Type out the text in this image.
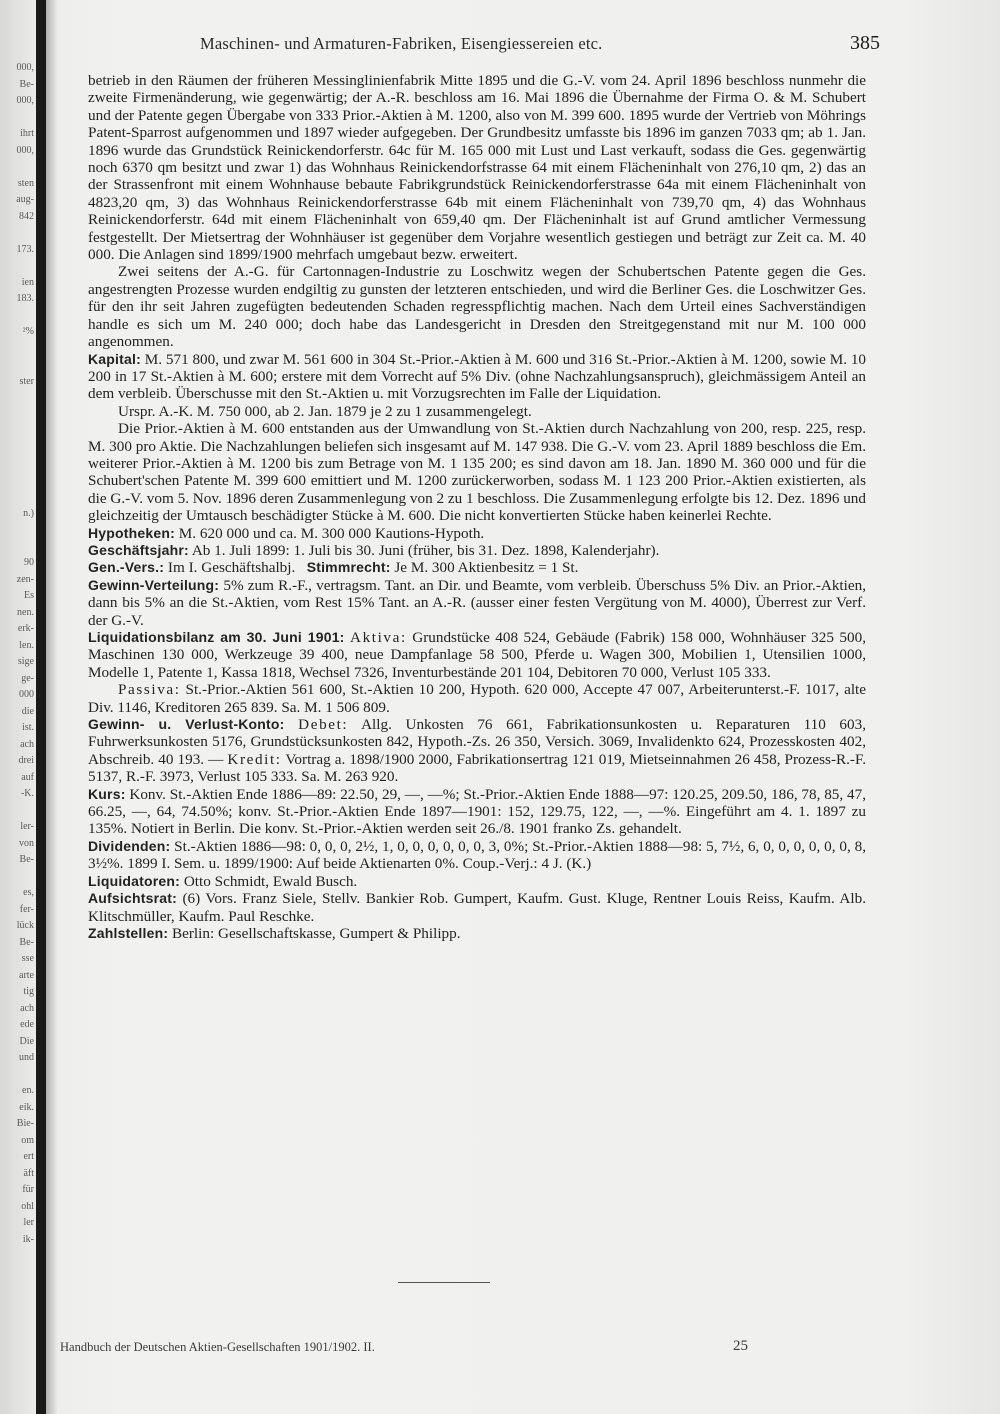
000,
Be-
000,
ihrt
000,
sten
aug-
842
173.
ien
183.
²%
ster
n.)
90
zen-
Es
nen.
erk-
len.
sige
ge-
000
die
ist.
ach
drei
auf
-K.
ler-
von
Be-
es,
fer-
lück
Be-
sse
arte
tig
ach
ede
Die
und
en.
eik.
Bie-
om
ert
äft
für
ohl
ler
ik-
Maschinen- und Armaturen-Fabriken, Eisengiessereien etc.	385

betrieb in den Räumen der früheren Messinglinienfabrik Mitte 1895 und die G.-V. vom 24. April 1896 beschloss nunmehr die zweite Firmenänderung, wie gegenwärtig; der A.-R. beschloss am 16. Mai 1896 die Übernahme der Firma O. & M. Schubert und der Patente gegen Übergabe von 333 Prior.-Aktien à M. 1200, also von M. 399 600. 1895 wurde der Vertrieb von Möhrings Patent-Sparrost aufgenommen und 1897 wieder aufgegeben. Der Grundbesitz umfasste bis 1896 im ganzen 7033 qm; ab 1. Jan. 1896 wurde das Grundstück Reinickendorferstr. 64c für M. 165 000 mit Lust und Last verkauft, sodass die Ges. gegenwärtig noch 6370 qm besitzt und zwar 1) das Wohnhaus Reinickendorfstrasse 64 mit einem Flächeninhalt von 276,10 qm, 2) das an der Strassenfront mit einem Wohnhause bebaute Fabrikgrundstück Reinickendorferstrasse 64a mit einem Flächeninhalt von 4823,20 qm, 3) das Wohnhaus Reinickendorferstrasse 64b mit einem Flächeninhalt von 739,70 qm, 4) das Wohnhaus Reinickendorferstr. 64d mit einem Flächeninhalt von 659,40 qm. Der Flächeninhalt ist auf Grund amtlicher Vermessung festgestellt. Der Mietsertrag der Wohnhäuser ist gegenüber dem Vorjahre wesentlich gestiegen und beträgt zur Zeit ca. M. 40 000. Die Anlagen sind 1899/1900 mehrfach umgebaut bezw. erweitert.

Zwei seitens der A.-G. für Cartonnagen-Industrie zu Loschwitz wegen der Schubertschen Patente gegen die Ges. angestrengten Prozesse wurden endgiltig zu gunsten der letzteren entschieden, und wird die Berliner Ges. die Loschwitzer Ges. für den ihr seit Jahren zugefügten bedeutenden Schaden regresspflichtig machen. Nach dem Urteil eines Sachverständigen handle es sich um M. 240 000; doch habe das Landesgericht in Dresden den Streitgegenstand mit nur M. 100 000 angenommen.

Kapital: M. 571 800, und zwar M. 561 600 in 304 St.-Prior.-Aktien à M. 600 und 316 St.-Prior.-Aktien à M. 1200, sowie M. 10 200 in 17 St.-Aktien à M. 600; erstere mit dem Vorrecht auf 5% Div. (ohne Nachzahlungsanspruch), gleichmässigem Anteil an dem verbleib. Überschusse mit den St.-Aktien u. mit Vorzugsrechten im Falle der Liquidation.

Urspr. A.-K. M. 750 000, ab 2. Jan. 1879 je 2 zu 1 zusammengelegt.

Die Prior.-Aktien à M. 600 entstanden aus der Umwandlung von St.-Aktien durch Nachzahlung von 200, resp. 225, resp. M. 300 pro Aktie. Die Nachzahlungen beliefen sich insgesamt auf M. 147 938. Die G.-V. vom 23. April 1889 beschloss die Em. weiterer Prior.-Aktien à M. 1200 bis zum Betrage von M. 1 135 200; es sind davon am 18. Jan. 1890 M. 360 000 und für die Schubert'schen Patente M. 399 600 emittiert und M. 1200 zurückerworben, sodass M. 1 123 200 Prior.-Aktien existierten, als die G.-V. vom 5. Nov. 1896 deren Zusammenlegung von 2 zu 1 beschloss. Die Zusammenlegung erfolgte bis 12. Dez. 1896 und gleichzeitig der Umtausch beschädigter Stücke à M. 600. Die nicht konvertierten Stücke haben keinerlei Rechte.

Hypotheken: M. 620 000 und ca. M. 300 000 Kautions-Hypoth.

Geschäftsjahr: Ab 1. Juli 1899: 1. Juli bis 30. Juni (früher, bis 31. Dez. 1898, Kalenderjahr).

Gen.-Vers.: Im I. Geschäftshalbj. Stimmrecht: Je M. 300 Aktienbesitz = 1 St.

Gewinn-Verteilung: 5% zum R.-F., vertragsm. Tant. an Dir. und Beamte, vom verbleib. Überschuss 5% Div. an Prior.-Aktien, dann bis 5% an die St.-Aktien, vom Rest 15% Tant. an A.-R. (ausser einer festen Vergütung von M. 4000), Überrest zur Verf. der G.-V.

Liquidationsbilanz am 30. Juni 1901: Aktiva: Grundstücke 408 524, Gebäude (Fabrik) 158 000, Wohnhäuser 325 500, Maschinen 130 000, Werkzeuge 39 400, neue Dampfanlage 58 500, Pferde u. Wagen 300, Mobilien 1, Utensilien 1000, Modelle 1, Patente 1, Kassa 1818, Wechsel 7326, Inventurbestände 201 104, Debitoren 70 000, Verlust 105 333.

Passiva: St.-Prior.-Aktien 561 600, St.-Aktien 10 200, Hypoth. 620 000, Accepte 47 007, Arbeiterunterst.-F. 1017, alte Div. 1146, Kreditoren 265 839. Sa. M. 1 506 809.

Gewinn- u. Verlust-Konto: Debet: Allg. Unkosten 76 661, Fabrikationsunkosten u. Reparaturen 110 603, Fuhrwerksunkosten 5176, Grundstücksunkosten 842, Hypoth.-Zs. 26 350, Versich. 3069, Invalidenkto 624, Prozesskosten 402, Abschreib. 40 193. — Kredit: Vortrag a. 1898/1900 2000, Fabrikationsertrag 121 019, Mietseinnahmen 26 458, Prozess-R.-F. 5137, R.-F. 3973, Verlust 105 333. Sa. M. 263 920.

Kurs: Konv. St.-Aktien Ende 1886—89: 22.50, 29, —, —%; St.-Prior.-Aktien Ende 1888—97: 120.25, 209.50, 186, 78, 85, 47, 66.25, —, 64, 74.50%; konv. St.-Prior.-Aktien Ende 1897—1901: 152, 129.75, 122, —, —%. Eingeführt am 4. 1. 1897 zu 135%. Notiert in Berlin. Die konv. St.-Prior.-Aktien werden seit 26./8. 1901 franko Zs. gehandelt.

Dividenden: St.-Aktien 1886—98: 0, 0, 0, 2½, 1, 0, 0, 0, 0, 0, 0, 3, 0%; St.-Prior.-Aktien 1888—98: 5, 7½, 6, 0, 0, 0, 0, 0, 0, 8, 3½%. 1899 I. Sem. u. 1899/1900: Auf beide Aktienarten 0%. Coup.-Verj.: 4 J. (K.)

Liquidatoren: Otto Schmidt, Ewald Busch.

Aufsichtsrat: (6) Vors. Franz Siele, Stellv. Bankier Rob. Gumpert, Kaufm. Gust. Kluge, Rentner Louis Reiss, Kaufm. Alb. Klitschmüller, Kaufm. Paul Reschke.

Zahlstellen: Berlin: Gesellschaftskasse, Gumpert & Philipp.

Handbuch der Deutschen Aktien-Gesellschaften 1901/1902. II.	25
